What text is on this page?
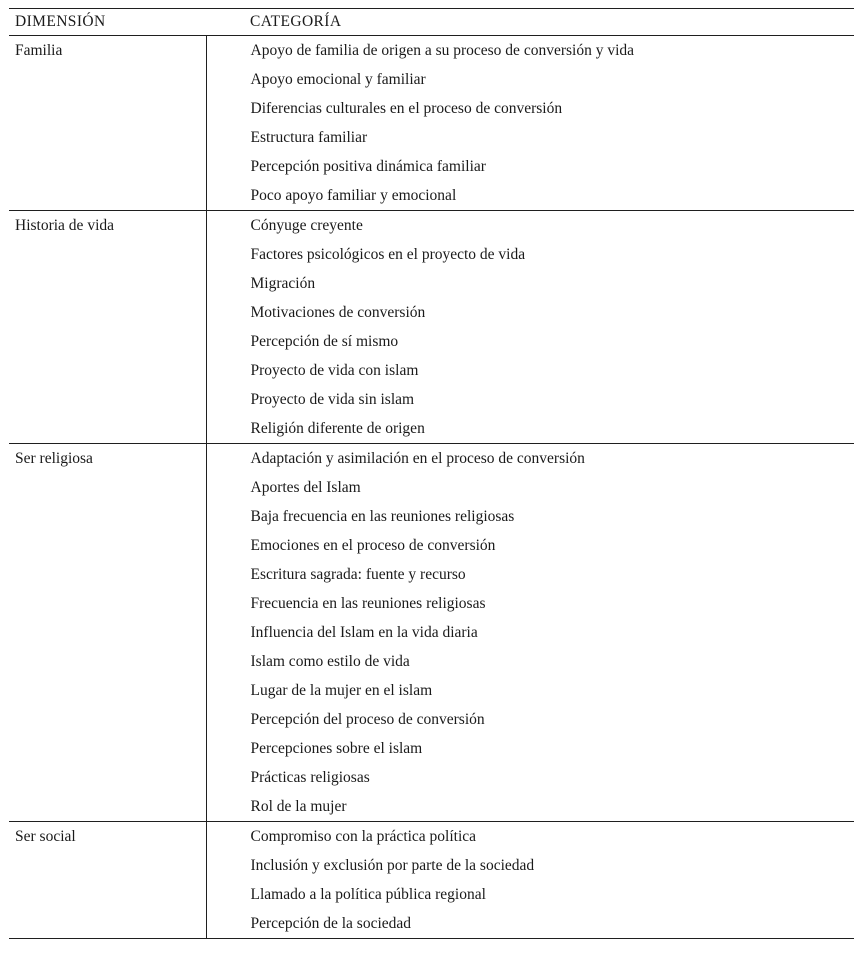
DIMENSIÓN	CATEGORÍA
Familia	Apoyo de familia de origen a su proceso de conversión y vida
	Apoyo emocional y familiar
	Diferencias culturales en el proceso de conversión
	Estructura familiar
	Percepción positiva dinámica familiar
	Poco apoyo familiar y emocional
Historia de vida	Cónyuge creyente
	Factores psicológicos en el proyecto de vida
	Migración
	Motivaciones de conversión
	Percepción de sí mismo
	Proyecto de vida con islam
	Proyecto de vida sin islam
	Religión diferente de origen
Ser religiosa	Adaptación y asimilación en el proceso de conversión
	Aportes del Islam
	Baja frecuencia en las reuniones religiosas
	Emociones en el proceso de conversión
	Escritura sagrada: fuente y recurso
	Frecuencia en las reuniones religiosas
	Influencia del Islam en la vida diaria
	Islam como estilo de vida
	Lugar de la mujer en el islam
	Percepción del proceso de conversión
	Percepciones sobre el islam
	Prácticas religiosas
	Rol de la mujer
Ser social	Compromiso con la práctica política
	Inclusión y exclusión por parte de la sociedad
	Llamado a la política pública regional
	Percepción de la sociedad
